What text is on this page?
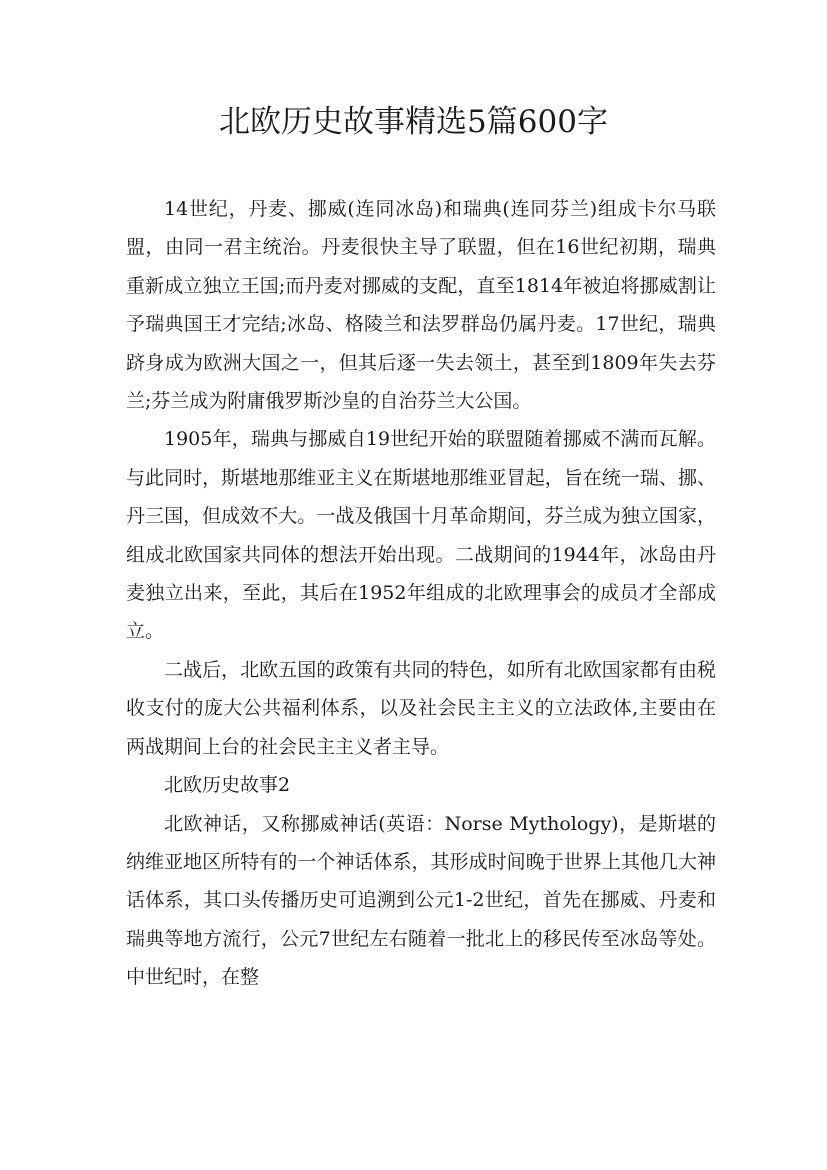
北欧历史故事精选5篇600字

14世纪，丹麦、挪威(连同冰岛)和瑞典(连同芬兰)组成卡尔马联盟，由同一君主统治。丹麦很快主导了联盟，但在16世纪初期，瑞典重新成立独立王国;而丹麦对挪威的支配，直至1814年被迫将挪威割让予瑞典国王才完结;冰岛、格陵兰和法罗群岛仍属丹麦。17世纪，瑞典跻身成为欧洲大国之一，但其后逐一失去领土，甚至到1809年失去芬兰;芬兰成为附庸俄罗斯沙皇的自治芬兰大公国。

1905年，瑞典与挪威自19世纪开始的联盟随着挪威不满而瓦解。与此同时，斯堪地那维亚主义在斯堪地那维亚冒起，旨在统一瑞、挪、丹三国，但成效不大。一战及俄国十月革命期间，芬兰成为独立国家，组成北欧国家共同体的想法开始出现。二战期间的1944年，冰岛由丹麦独立出来，至此，其后在1952年组成的北欧理事会的成员才全部成立。

二战后，北欧五国的政策有共同的特色，如所有北欧国家都有由税收支付的庞大公共福利体系，以及社会民主主义的立法政体,主要由在两战期间上台的社会民主主义者主导。

北欧历史故事2

北欧神话，又称挪威神话(英语：Norse Mythology)，是斯堪的纳维亚地区所特有的一个神话体系，其形成时间晚于世界上其他几大神话体系，其口头传播历史可追溯到公元1-2世纪，首先在挪威、丹麦和瑞典等地方流行，公元7世纪左右随着一批北上的移民传至冰岛等处。中世纪时，在整
